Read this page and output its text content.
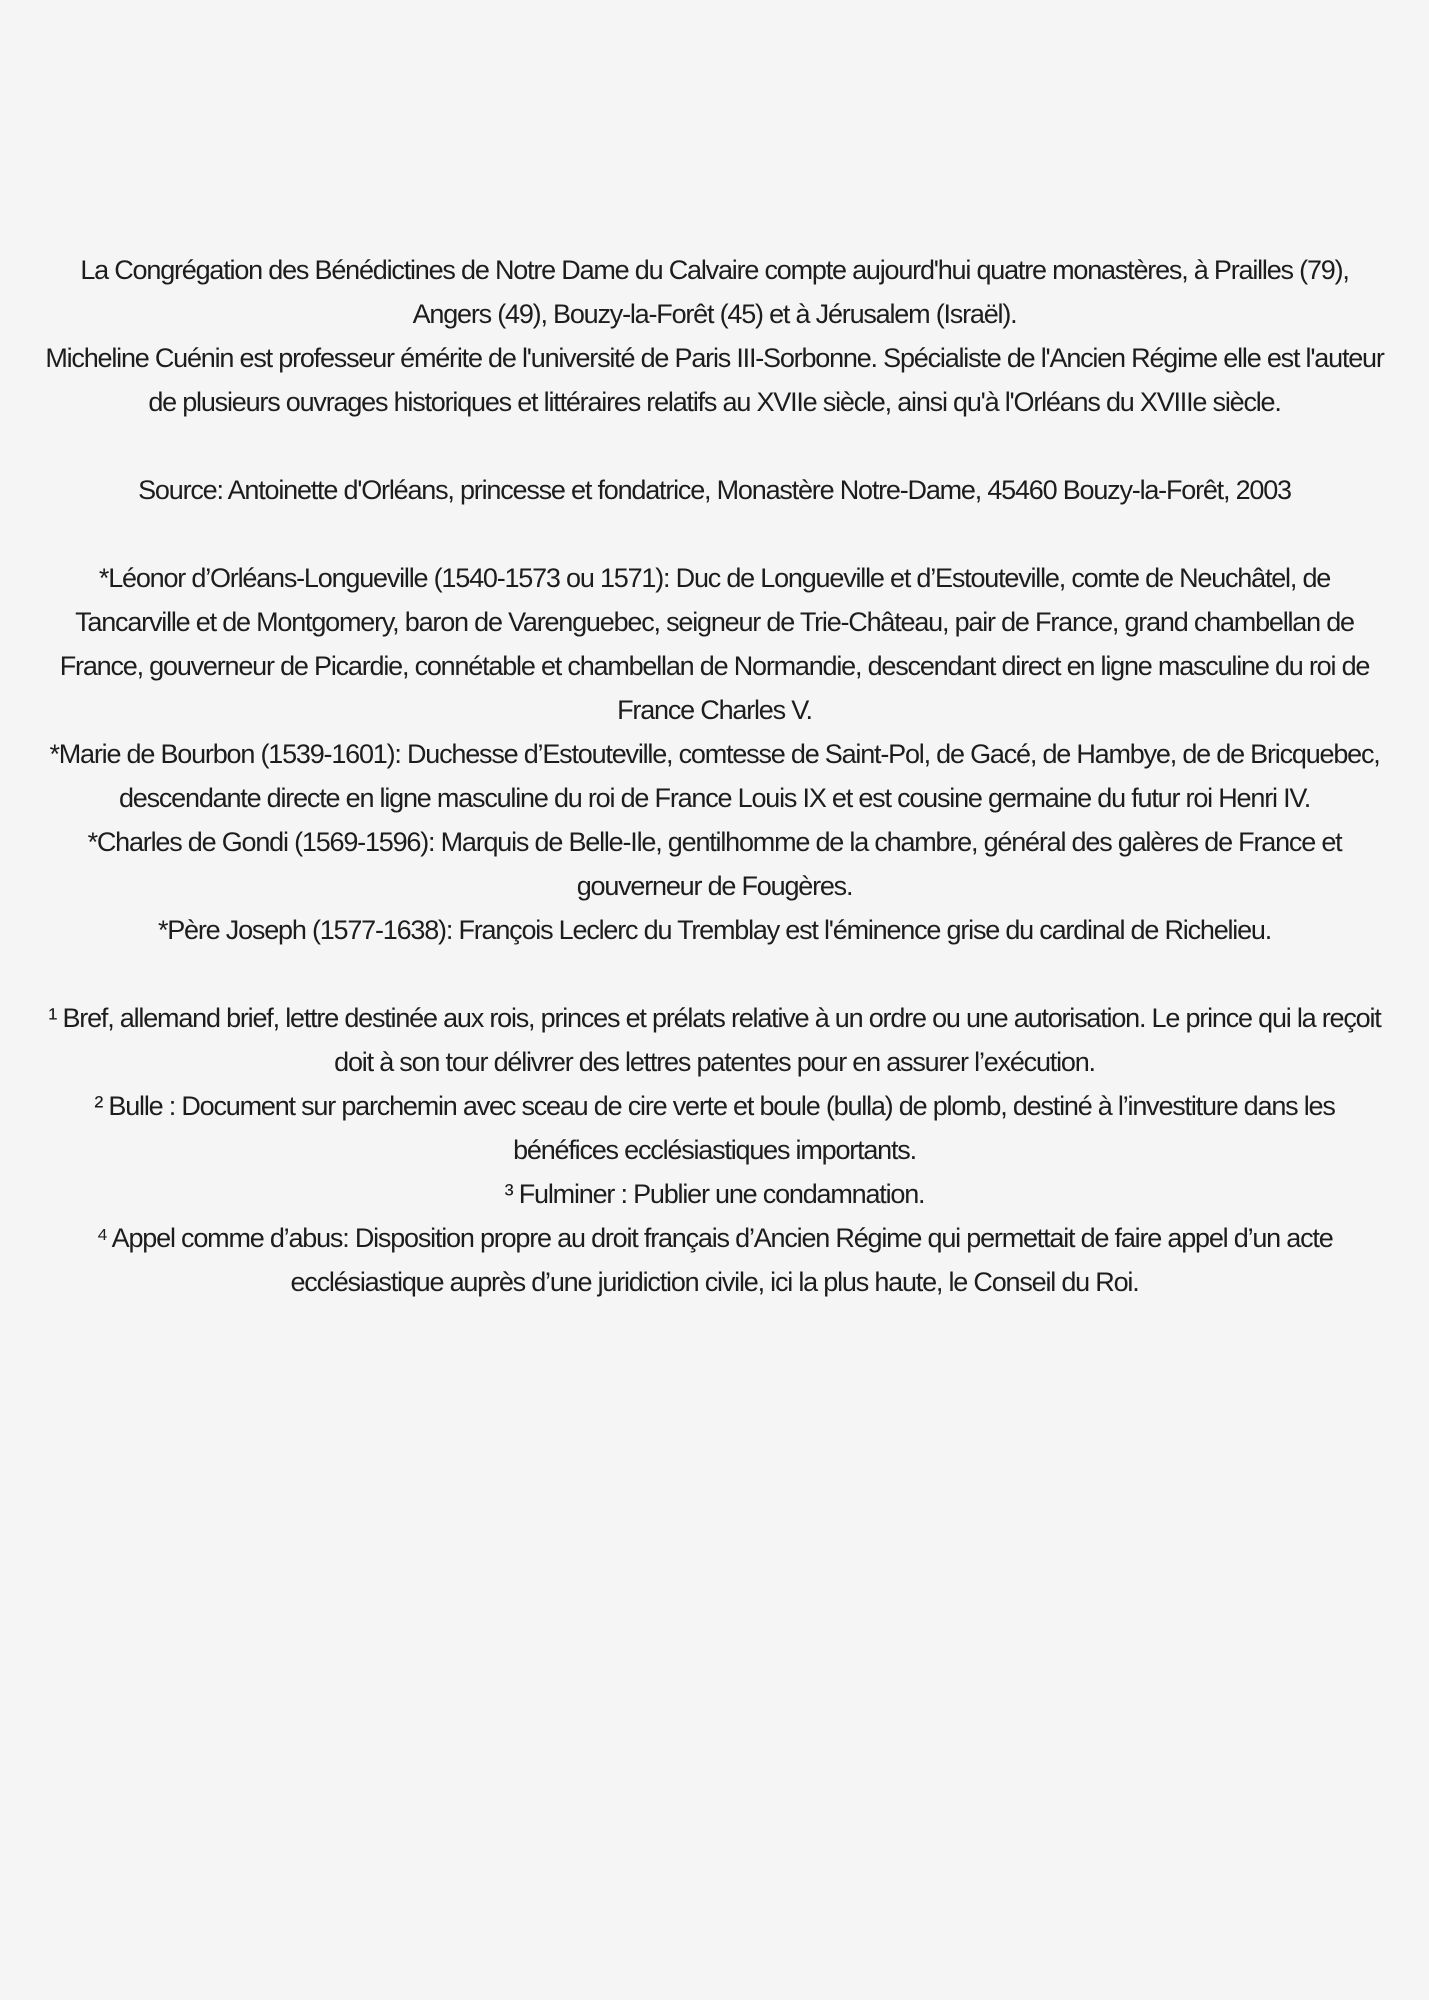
La Congrégation des Bénédictines de Notre Dame du Calvaire compte aujourd'hui quatre monastères, à Prailles (79), Angers (49), Bouzy-la-Forêt (45) et à Jérusalem (Israël).

Micheline Cuénin est professeur émérite de l'université de Paris III-Sorbonne. Spécialiste de l'Ancien Régime elle est l'auteur de plusieurs ouvrages historiques et littéraires relatifs au XVIIe siècle, ainsi qu'à l'Orléans du XVIIIe siècle.

Source: Antoinette d'Orléans, princesse et fondatrice, Monastère Notre-Dame, 45460 Bouzy-la-Forêt, 2003

*Léonor d’Orléans-Longueville (1540-1573 ou 1571): Duc de Longueville et d’Estouteville, comte de Neuchâtel, de Tancarville et de Montgomery, baron de Varenguebec, seigneur de Trie-Château, pair de France, grand chambellan de France, gouverneur de Picardie, connétable et chambellan de Normandie, descendant direct en ligne masculine du roi de France Charles V.

*Marie de Bourbon (1539-1601): Duchesse d’Estouteville, comtesse de Saint-Pol, de Gacé, de Hambye, de de Bricquebec, descendante directe en ligne masculine du roi de France Louis IX et est cousine germaine du futur roi Henri IV.

*Charles de Gondi (1569-1596): Marquis de Belle-Ile, gentilhomme de la chambre, général des galères de France et gouverneur de Fougères.

*Père Joseph (1577-1638): François Leclerc du Tremblay est l'éminence grise du cardinal de Richelieu.

¹ Bref, allemand brief, lettre destinée aux rois, princes et prélats relative à un ordre ou une autorisation. Le prince qui la reçoit doit à son tour délivrer des lettres patentes pour en assurer l’exécution.

² Bulle : Document sur parchemin avec sceau de cire verte et boule (bulla) de plomb, destiné à l’investiture dans les bénéfices ecclésiastiques importants.

³ Fulminer : Publier une condamnation.

⁴ Appel comme d’abus: Disposition propre au droit français d’Ancien Régime qui permettait de faire appel d’un acte ecclésiastique auprès d’une juridiction civile, ici la plus haute, le Conseil du Roi.
